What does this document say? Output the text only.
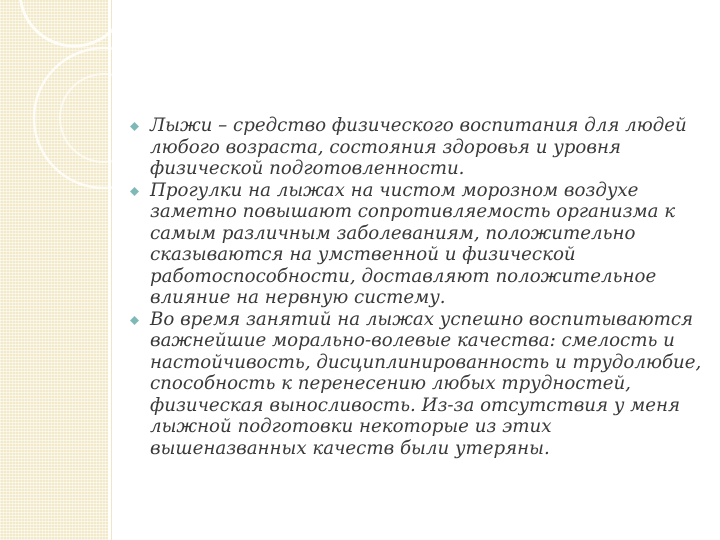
Лыжи – средство физического воспитания для людей любого возраста, состояния здоровья и уровня физической подготовленности.
Прогулки на лыжах на чистом морозном воздухе заметно повышают сопротивляемость организма к самым различным заболеваниям, положительно сказываются на умственной и физической работоспособности, доставляют положительное влияние на нервную систему.
Во время занятий на лыжах успешно воспитываются важнейшие морально-волевые качества: смелость и настойчивость, дисциплинированность и трудолюбие, способность к перенесению любых трудностей, физическая выносливость. Из-за отсутствия у меня лыжной подготовки некоторые из этих вышеназванных качеств были утеряны.
